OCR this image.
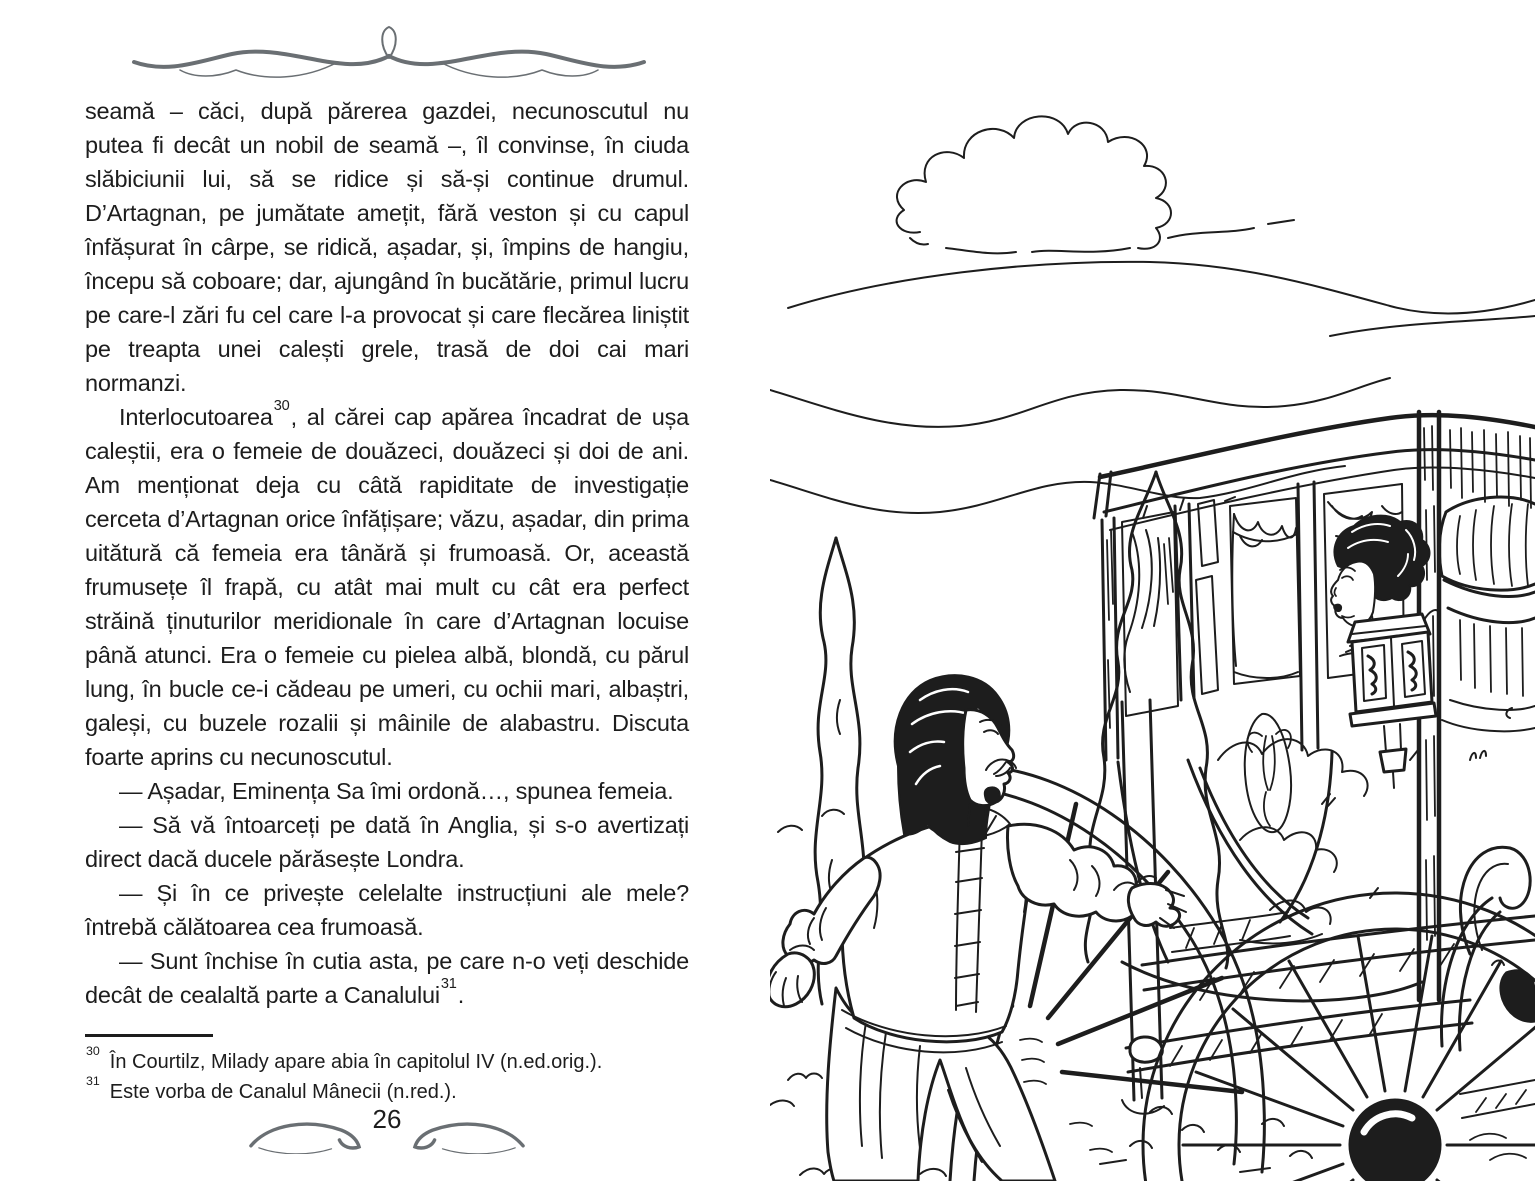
seamă – căci, după părerea gazdei, necunoscutul nu putea fi decât un nobil de seamă –, îl convinse, în ciuda slăbiciunii lui, să se ridice și să-și continue drumul. D’Artagnan, pe jumătate amețit, fără veston și cu capul înfășurat în cârpe, se ridică, așadar, și, împins de hangiu, începu să coboare; dar, ajungând în bucătărie, primul lucru pe care-l zări fu cel care l-a provocat și care flecărea liniștit pe treapta unei calești grele, trasă de doi cai mari normanzi.

Interlocutoarea$^{30}$, al cărei cap apărea încadrat de ușa caleștii, era o femeie de douăzeci, douăzeci și doi de ani. Am menționat deja cu câtă rapiditate de investigație cerceta d’Artagnan orice înfățișare; văzu, așadar, din prima uitătură că femeia era tânără și frumoasă. Or, această frumusețe îl frapă, cu atât mai mult cu cât era perfect străină ținuturilor meridionale în care d’Artagnan locuise până atunci. Era o femeie cu pielea albă, blondă, cu părul lung, în bucle ce-i cădeau pe umeri, cu ochii mari, albaștri, galeși, cu buzele rozalii și mâinile de alabastru. Discuta foarte aprins cu necunoscutul.

— Așadar, Eminența Sa îmi ordonă…, spunea femeia.

— Să vă întoarceți pe dată în Anglia, și s-o avertizați direct dacă ducele părăsește Londra.

— Și în ce privește celelalte instrucțiuni ale mele? întrebă călătoarea cea frumoasă.

— Sunt închise în cutia asta, pe care n-o veți deschide decât de cealaltă parte a Canalului$^{31}$.

$^{30}$În Courtilz, Milady apare abia în capitolul IV (n.ed.orig.).

$^{31}$Este vorba de Canalul Mânecii (n.red.).

26
